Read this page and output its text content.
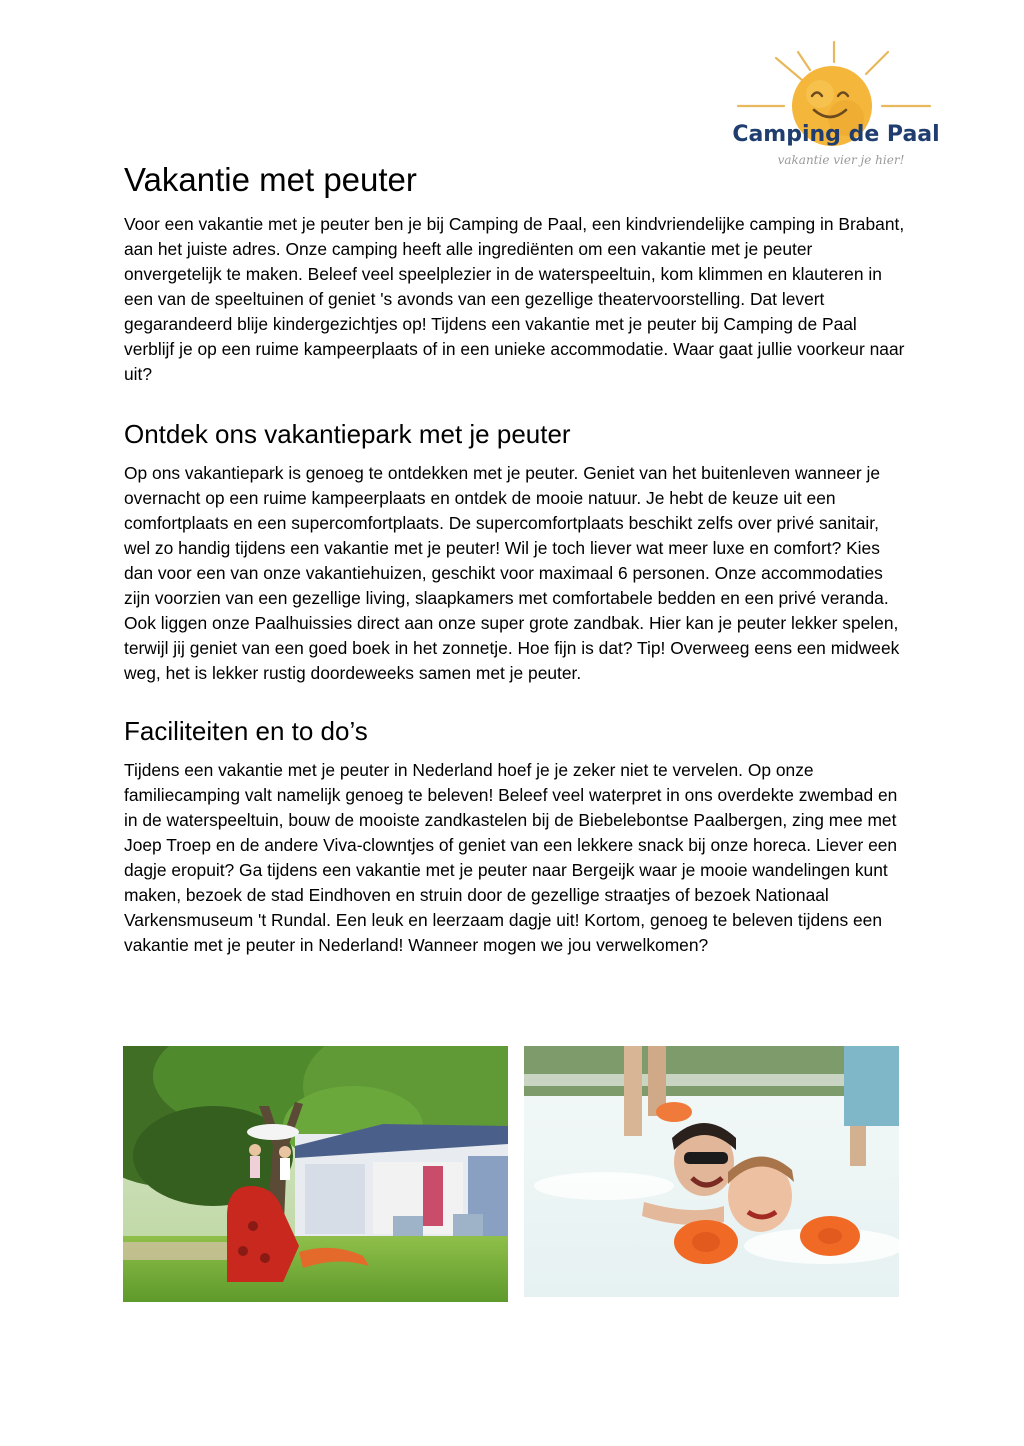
Camping de Paal
vakantie vier je hier!
Vakantie met peuter

Voor een vakantie met je peuter ben je bij Camping de Paal, een kindvriendelijke camping in Brabant, aan het juiste adres. Onze camping heeft alle ingrediënten om een vakantie met je peuter onvergetelijk te maken. Beleef veel speelplezier in de waterspeeltuin, kom klimmen en klauteren in een van de speeltuinen of geniet 's avonds van een gezellige theatervoorstelling. Dat levert gegarandeerd blije kindergezichtjes op! Tijdens een vakantie met je peuter bij Camping de Paal verblijf je op een ruime kampeerplaats of in een unieke accommodatie. Waar gaat jullie voorkeur naar uit?

Ontdek ons vakantiepark met je peuter

Op ons vakantiepark is genoeg te ontdekken met je peuter. Geniet van het buitenleven wanneer je overnacht op een ruime kampeerplaats en ontdek de mooie natuur. Je hebt de keuze uit een comfortplaats en een supercomfortplaats. De supercomfortplaats beschikt zelfs over privé sanitair, wel zo handig tijdens een vakantie met je peuter! Wil je toch liever wat meer luxe en comfort? Kies dan voor een van onze vakantiehuizen, geschikt voor maximaal 6 personen. Onze accommodaties zijn voorzien van een gezellige living, slaapkamers met comfortabele bedden en een privé veranda. Ook liggen onze Paalhuissies direct aan onze super grote zandbak. Hier kan je peuter lekker spelen, terwijl jij geniet van een goed boek in het zonnetje. Hoe fijn is dat? Tip! Overweeg eens een midweek weg, het is lekker rustig doordeweeks samen met je peuter.

Faciliteiten en to do’s

Tijdens een vakantie met je peuter in Nederland hoef je je zeker niet te vervelen. Op onze familiecamping valt namelijk genoeg te beleven! Beleef veel waterpret in ons overdekte zwembad en in de waterspeeltuin, bouw de mooiste zandkastelen bij de Biebelebontse Paalbergen, zing mee met Joep Troep en de andere Viva-clowntjes of geniet van een lekkere snack bij onze horeca. Liever een dagje eropuit? Ga tijdens een vakantie met je peuter naar Bergeijk waar je mooie wandelingen kunt maken, bezoek de stad Eindhoven en struin door de gezellige straatjes of bezoek Nationaal Varkensmuseum 't Rundal. Een leuk en leerzaam dagje uit! Kortom, genoeg te beleven tijdens een vakantie met je peuter in Nederland! Wanneer mogen we jou verwelkomen?
